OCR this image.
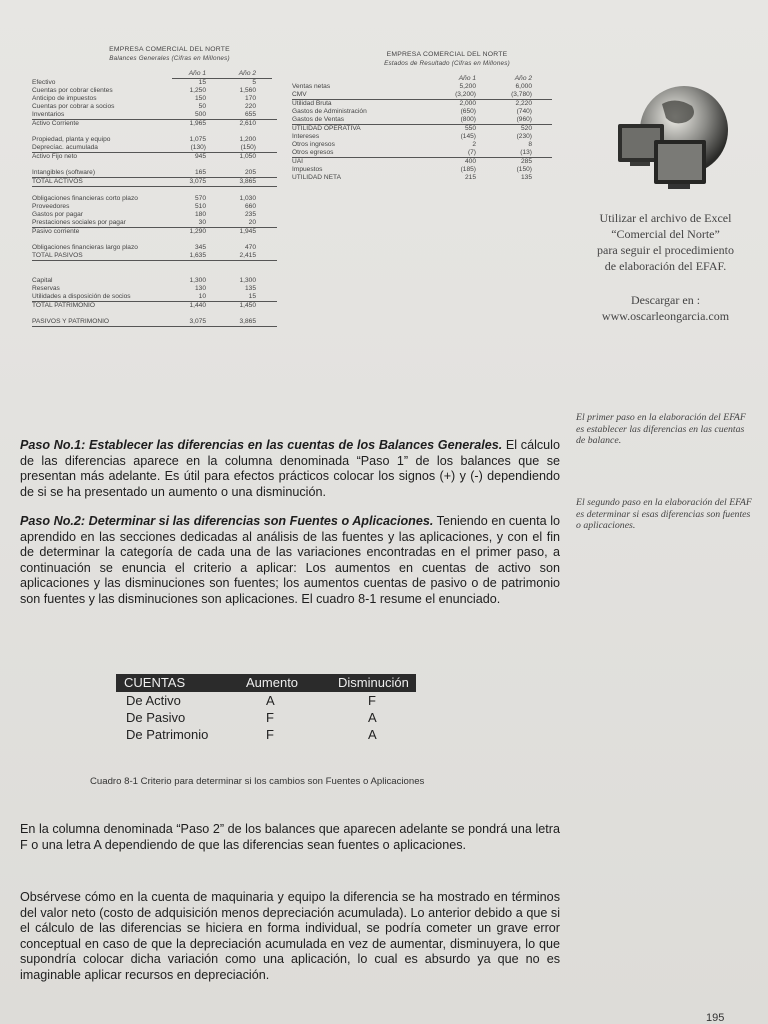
EMPRESA COMERCIAL DEL NORTE
Balances Generales (Cifras en Millones)
Año 1	Año 2
Efectivo	15	5
Cuentas por cobrar clientes	1,250	1,560
Anticipo de impuestos	150	170
Cuentas por cobrar a socios	50	220
Inventarios	500	655
Activo Corriente	1,965	2,610
Propiedad, planta y equipo	1,075	1,200
Deprecíac. acumulada	(130)	(150)
Activo Fijo neto	945	1,050
Intangibles (software)	165	205
TOTAL ACTIVOS	3,075	3,865
Obligaciones financieras corto plazo	570	1,030
Proveedores	510	660
Gastos por pagar	180	235
Prestaciones sociales por pagar	30	20
Pasivo corriente	1,290	1,945
Obligaciones financieras largo plazo	345	470
TOTAL PASIVOS	1,635	2,415
Capital	1,300	1,300
Reservas	130	135
Utilidades a disposición de socios	10	15
TOTAL PATRIMONIO	1,440	1,450
PASIVOS Y PATRIMONIO	3,075	3,865
EMPRESA COMERCIAL DEL NORTE
Estados de Resultado (Cifras en Millones)
Año 1	Año 2
Ventas netas	5,200	6,000
CMV	(3,200)	(3,780)
Utilidad Bruta	2,000	2,220
Gastos de Administración	(650)	(740)
Gastos de Ventas	(800)	(960)
UTILIDAD OPERATIVA	550	520
Intereses	(145)	(230)
Otros ingresos	2	8
Otros egresos	(7)	(13)
UAI	400	285
Impuestos	(185)	(150)
UTILIDAD NETA	215	135
Utilizar el archivo de Excel
“Comercial del Norte”
para seguir el procedimiento
de elaboración del EFAF.
Descargar en :
www.oscarleongarcia.com
El primer paso en la elaboración del EFAF es establecer las diferencias en las cuentas de balance.
El segundo paso en la elaboración del EFAF es determinar si esas diferencias son fuentes o aplicaciones.
Paso No.1: Establecer las diferencias en las cuentas de los Balances Generales. El cálculo de las diferencias aparece en la columna denominada “Paso 1” de los balances que se presentan más adelante. Es útil para efectos prácticos colocar los signos (+) y (-) dependiendo de si se ha presentado un aumento o una disminución.
Paso No.2: Determinar si las diferencias son Fuentes o Aplicaciones. Teniendo en cuenta lo aprendido en las secciones dedicadas al análisis de las fuentes y las aplicaciones, y con el fin de determinar la categoría de cada una de las variaciones encontradas en el primer paso, a continuación se enuncia el criterio a aplicar: Los aumentos en cuentas de activo son aplicaciones y las disminuciones son fuentes; los aumentos cuentas de pasivo o de patrimonio son fuentes y las disminuciones son aplicaciones. El cuadro 8-1 resume el enunciado.
CUENTAS	Aumento	Disminución
De Activo	A	F
De Pasivo	F	A
De Patrimonio	F	A
Cuadro 8-1 Criterio para determinar si los cambios son Fuentes o Aplicaciones
En la columna denominada “Paso 2” de los balances que aparecen adelante se pondrá una letra F o una letra A dependiendo de que las diferencias sean fuentes o aplicaciones.
Obsérvese cómo en la cuenta de maquinaria y equipo la diferencia se ha mostrado en términos del valor neto (costo de adquisición menos depreciación acumulada). Lo anterior debido a que si el cálculo de las diferencias se hiciera en forma individual, se podría cometer un grave error conceptual en caso de que la depreciación acumulada en vez de aumentar, disminuyera, lo que supondría colocar dicha variación como una aplicación, lo cual es absurdo ya que no es imaginable aplicar recursos en depreciación.
195
